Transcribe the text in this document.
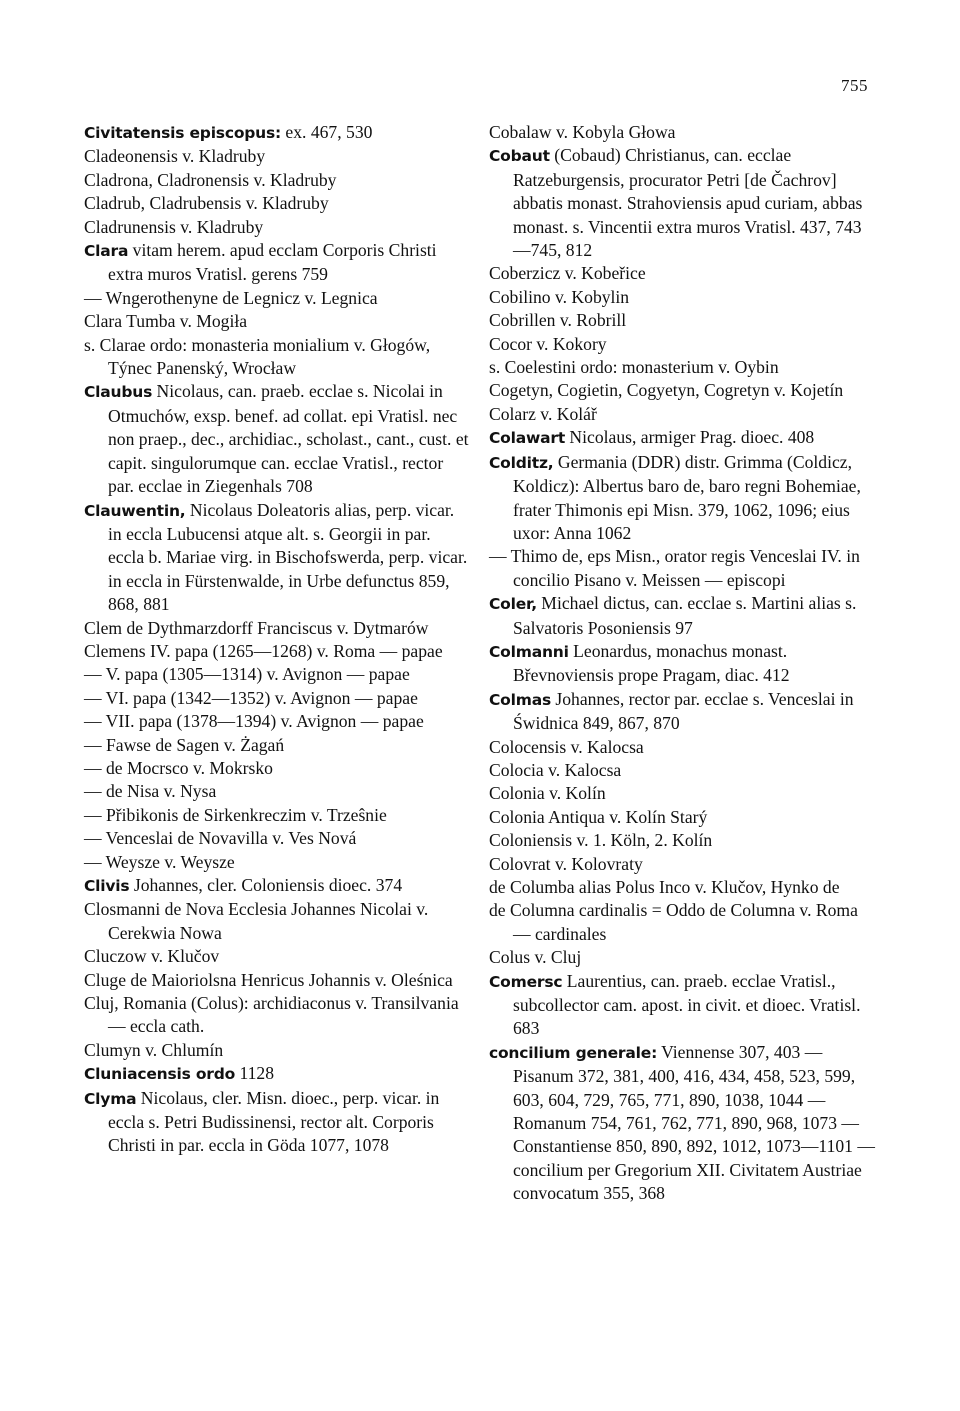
755
Civitatensis episcopus: ex. 467, 530
Cladeonensis v. Kladruby
Cladrona, Cladronensis v. Kladruby
Cladrub, Cladrubensis v. Kladruby
Cladrunensis v. Kladruby
Clara vitam herem. apud ecclam Corporis Christi extra muros Vratisl. gerens 759
— Wngerothenyne de Legnicz v. Legnica
Clara Tumba v. Mogiła
s. Clarae ordo: monasteria monialium v. Głogów, Týnec Panenský, Wrocław
Claubus Nicolaus, can. praeb. ecclae s. Nicolai in Otmuchów, exsp. benef. ad collat. epi Vratisl. nec non praep., dec., archidiac., scholast., cant., cust. et capit. singulorumque can. ecclae Vratisl., rector par. ecclae in Ziegenhals 708
Clauwentin, Nicolaus Doleatoris alias, perp. vicar. in eccla Lubucensi atque alt. s. Georgii in par. eccla b. Mariae virg. in Bischofswerda, perp. vicar. in eccla in Fürstenwalde, in Urbe defunctus 859, 868, 881
Clem de Dythmarzdorff Franciscus v. Dytmarów
Clemens IV. papa (1265—1268) v. Roma — papae
— V. papa (1305—1314) v. Avignon — papae
— VI. papa (1342—1352) v. Avignon — papae
— VII. papa (1378—1394) v. Avignon — papae
— Fawse de Sagen v. Żagań
— de Mocrsco v. Mokrsko
— de Nisa v. Nysa
— Přibikonis de Sirkenkreczim v. Trzeŝnie
— Venceslai de Novavilla v. Ves Nová
— Weysze v. Weysze
Clivis Johannes, cler. Coloniensis dioec. 374
Closmanni de Nova Ecclesia Johannes Nicolai v. Cerekwia Nowa
Cluczow v. Klučov
Cluge de Maioriolsna Henricus Johannis v. Oleśnica
Cluj, Romania (Colus): archidiaconus v. Transilvania — eccla cath.
Clumyn v. Chlumín
Cluniacensis ordo 1128
Clyma Nicolaus, cler. Misn. dioec., perp. vicar. in eccla s. Petri Budissinensi, rector alt. Corporis Christi in par. eccla in Göda 1077, 1078
Cobalaw v. Kobyla Głowa
Cobaut (Cobaud) Christianus, can. ecclae Ratzeburgensis, procurator Petri [de Čachrov] abbatis monast. Strahoviensis apud curiam, abbas monast. s. Vincentii extra muros Vratisl. 437, 743—745, 812
Coberzicz v. Kobeřice
Cobilino v. Kobylin
Cobrillen v. Robrill
Cocor v. Kokory
s. Coelestini ordo: monasterium v. Oybin
Cogetyn, Cogietin, Cogyetyn, Cogretyn v. Kojetín
Colarz v. Kolář
Colawart Nicolaus, armiger Prag. dioec. 408
Colditz, Germania (DDR) distr. Grimma (Coldicz, Koldicz): Albertus baro de, baro regni Bohemiae, frater Thimonis epi Misn. 379, 1062, 1096; eius uxor: Anna 1062
— Thimo de, eps Misn., orator regis Venceslai IV. in concilio Pisano v. Meissen — episcopi
Coler, Michael dictus, can. ecclae s. Martini alias s. Salvatoris Posoniensis 97
Colmanni Leonardus, monachus monast. Břevnoviensis prope Pragam, diac. 412
Colmas Johannes, rector par. ecclae s. Venceslai in Świdnica 849, 867, 870
Colocensis v. Kalocsa
Colocia v. Kalocsa
Colonia v. Kolín
Colonia Antiqua v. Kolín Starý
Coloniensis v. 1. Köln, 2. Kolín
Colovrat v. Kolovraty
de Columba alias Polus Inco v. Klučov, Hynko de
de Columna cardinalis = Oddo de Columna v. Roma — cardinales
Colus v. Cluj
Comersc Laurentius, can. praeb. ecclae Vratisl., subcollector cam. apost. in civit. et dioec. Vratisl. 683
concilium generale: Viennense 307, 403 — Pisanum 372, 381, 400, 416, 434, 458, 523, 599, 603, 604, 729, 765, 771, 890, 1038, 1044 — Romanum 754, 761, 762, 771, 890, 968, 1073 — Constantiense 850, 890, 892, 1012, 1073—1101 — concilium per Gregorium XII. Civitatem Austriae convocatum 355, 368
